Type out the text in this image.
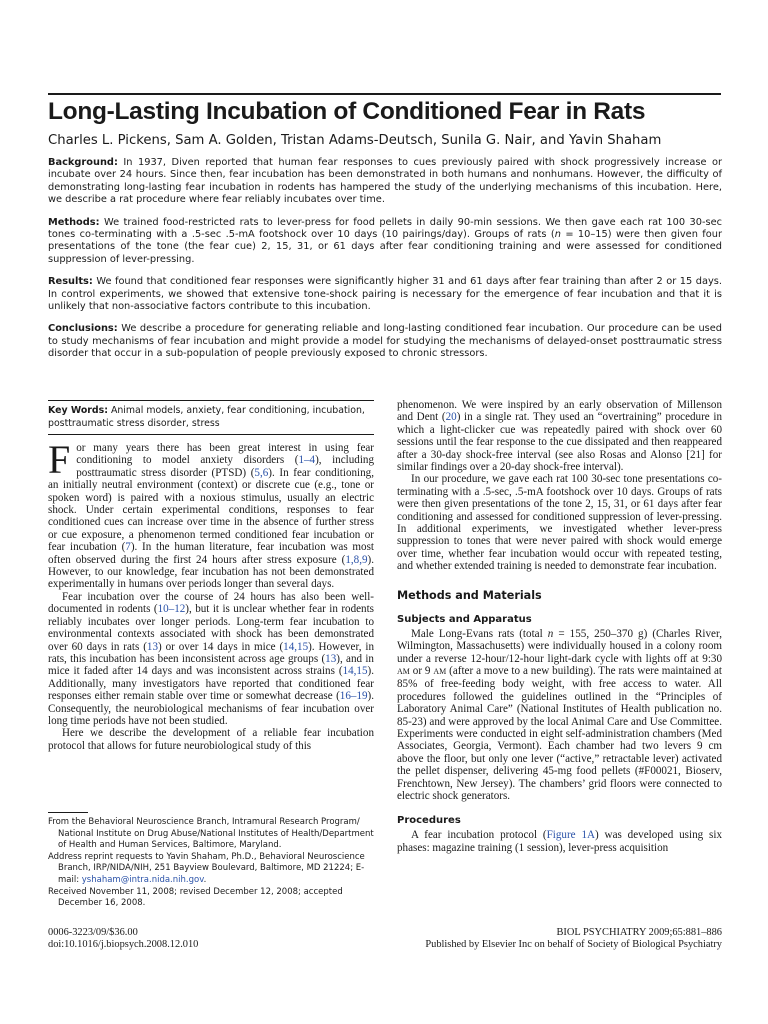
Long-Lasting Incubation of Conditioned Fear in Rats
Charles L. Pickens, Sam A. Golden, Tristan Adams-Deutsch, Sunila G. Nair, and Yavin Shaham

Background: In 1937, Diven reported that human fear responses to cues previously paired with shock progressively increase or incubate over 24 hours. Since then, fear incubation has been demonstrated in both humans and nonhumans. However, the difficulty of demonstrating long-lasting fear incubation in rodents has hampered the study of the underlying mechanisms of this incubation. Here, we describe a rat procedure where fear reliably incubates over time.

Methods: We trained food-restricted rats to lever-press for food pellets in daily 90-min sessions. We then gave each rat 100 30-sec tones co-terminating with a .5-sec .5-mA footshock over 10 days (10 pairings/day). Groups of rats (n = 10–15) were then given four presentations of the tone (the fear cue) 2, 15, 31, or 61 days after fear conditioning training and were assessed for conditioned suppression of lever-pressing.

Results: We found that conditioned fear responses were significantly higher 31 and 61 days after fear training than after 2 or 15 days. In control experiments, we showed that extensive tone-shock pairing is necessary for the emergence of fear incubation and that it is unlikely that non-associative factors contribute to this incubation.

Conclusions: We describe a procedure for generating reliable and long-lasting conditioned fear incubation. Our procedure can be used to study mechanisms of fear incubation and might provide a model for studying the mechanisms of delayed-onset posttraumatic stress disorder that occur in a sub-population of people previously exposed to chronic stressors.

Key Words: Animal models, anxiety, fear conditioning, incubation, posttraumatic stress disorder, stress

For many years there has been great interest in using fear conditioning to model anxiety disorders (1–4), including posttraumatic stress disorder (PTSD) (5,6). In fear conditioning, an initially neutral environment (context) or discrete cue (e.g., tone or spoken word) is paired with a noxious stimulus, usually an electric shock. Under certain experimental conditions, responses to fear conditioned cues can increase over time in the absence of further stress or cue exposure, a phenomenon termed conditioned fear incubation or fear incubation (7). In the human literature, fear incubation was most often observed during the first 24 hours after stress exposure (1,8,9). However, to our knowledge, fear incubation has not been demonstrated experimentally in humans over periods longer than several days.

Fear incubation over the course of 24 hours has also been well-documented in rodents (10–12), but it is unclear whether fear in rodents reliably incubates over longer periods. Long-term fear incubation to environmental contexts associated with shock has been demonstrated over 60 days in rats (13) or over 14 days in mice (14,15). However, in rats, this incubation has been inconsistent across age groups (13), and in mice it faded after 14 days and was inconsistent across strains (14,15). Additionally, many investigators have reported that conditioned fear responses either remain stable over time or somewhat decrease (16–19). Consequently, the neurobiological mechanisms of fear incubation over long time periods have not been studied.

Here we describe the development of a reliable fear incubation protocol that allows for future neurobiological study of this

phenomenon. We were inspired by an early observation of Millenson and Dent (20) in a single rat. They used an “overtraining” procedure in which a light-clicker cue was repeatedly paired with shock over 60 sessions until the fear response to the cue dissipated and then reappeared after a 30-day shock-free interval (see also Rosas and Alonso [21] for similar findings over a 20-day shock-free interval).

In our procedure, we gave each rat 100 30-sec tone presentations co-terminating with a .5-sec, .5-mA footshock over 10 days. Groups of rats were then given presentations of the tone 2, 15, 31, or 61 days after fear conditioning and assessed for conditioned suppression of lever-pressing. In additional experiments, we investigated whether lever-press suppression to tones that were never paired with shock would emerge over time, whether fear incubation would occur with repeated testing, and whether extended training is needed to demonstrate fear incubation.

Methods and Materials
Subjects and Apparatus

Male Long-Evans rats (total n = 155, 250–370 g) (Charles River, Wilmington, Massachusetts) were individually housed in a colony room under a reverse 12-hour/12-hour light-dark cycle with lights off at 9:30 AM or 9 AM (after a move to a new building). The rats were maintained at 85% of free-feeding body weight, with free access to water. All procedures followed the guidelines outlined in the “Principles of Laboratory Animal Care” (National Institutes of Health publication no. 85-23) and were approved by the local Animal Care and Use Committee. Experiments were conducted in eight self-administration chambers (Med Associates, Georgia, Vermont). Each chamber had two levers 9 cm above the floor, but only one lever (“active,” retractable lever) activated the pellet dispenser, delivering 45-mg food pellets (#F00021, Bioserv, Frenchtown, New Jersey). The chambers’ grid floors were connected to electric shock generators.

Procedures

A fear incubation protocol (Figure 1A) was developed using six phases: magazine training (1 session), lever-press acquisition

From the Behavioral Neuroscience Branch, Intramural Research Program/ National Institute on Drug Abuse/National Institutes of Health/Department of Health and Human Services, Baltimore, Maryland.

Address reprint requests to Yavin Shaham, Ph.D., Behavioral Neuroscience Branch, IRP/NIDA/NIH, 251 Bayview Boulevard, Baltimore, MD 21224; E-mail: yshaham@intra.nida.nih.gov.

Received November 11, 2008; revised December 12, 2008; accepted December 16, 2008.

0006-3223/09/$36.00
doi:10.1016/j.biopsych.2008.12.010
BIOL PSYCHIATRY 2009;65:881–886
Published by Elsevier Inc on behalf of Society of Biological Psychiatry
